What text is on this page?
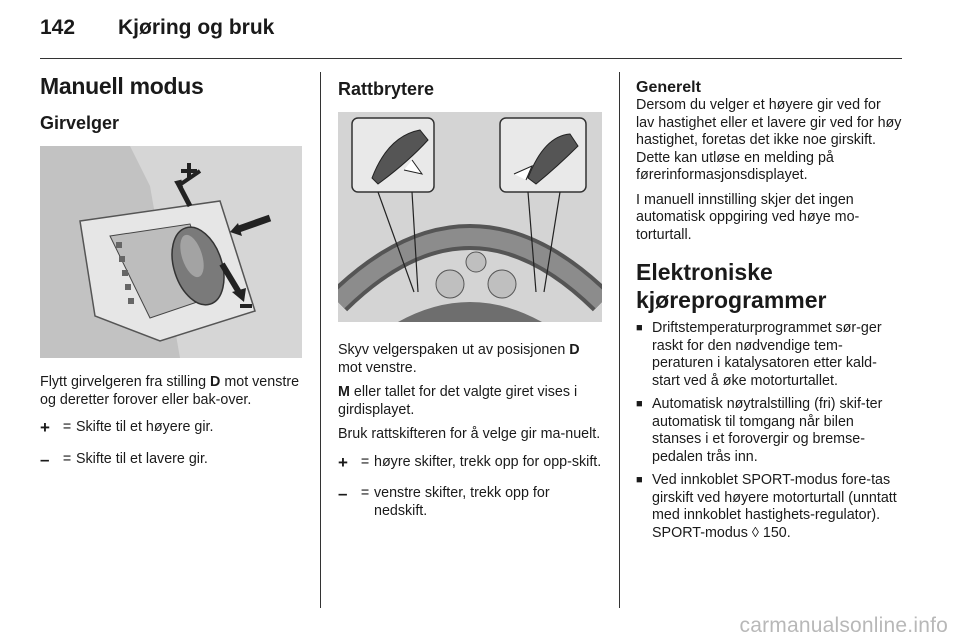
142	Kjøring og bruk
Manuell modus
Girvelger

Flytt girvelgeren fra stilling D mot venstre og deretter forover eller bak-over.

+ = Skifte til et høyere gir.
– = Skifte til et lavere gir.
Rattbrytere

Skyv velgerspaken ut av posisjonen D mot venstre.

M eller tallet for det valgte giret vises i girdisplayet.

Bruk rattskifteren for å velge gir ma-nuelt.

+ = høyre skifter, trekk opp for opp-skift.
– = venstre skifter, trekk opp for nedskift.
Generelt

Dersom du velger et høyere gir ved for lav hastighet eller et lavere gir ved for høy hastighet, foretas det ikke noe girskift. Dette kan utløse en melding på førerinformasjonsdisplayet.

I manuell innstilling skjer det ingen automatisk oppgiring ved høye mo-torturtall.

Elektroniske kjøreprogrammer
■ Driftstemperaturprogrammet sør-ger raskt for den nødvendige tem-peraturen i katalysatoren etter kald-start ved å øke motorturtallet.
■ Automatisk nøytralstilling (fri) skif-ter automatisk til tomgang når bilen stanses i et forovergir og bremse-pedalen trås inn.
■ Ved innkoblet SPORT-modus fore-tas girskift ved høyere motorturtall (unntatt med innkoblet hastighets-regulator). SPORT-modus ◊ 150.
carmanualsonline.info
